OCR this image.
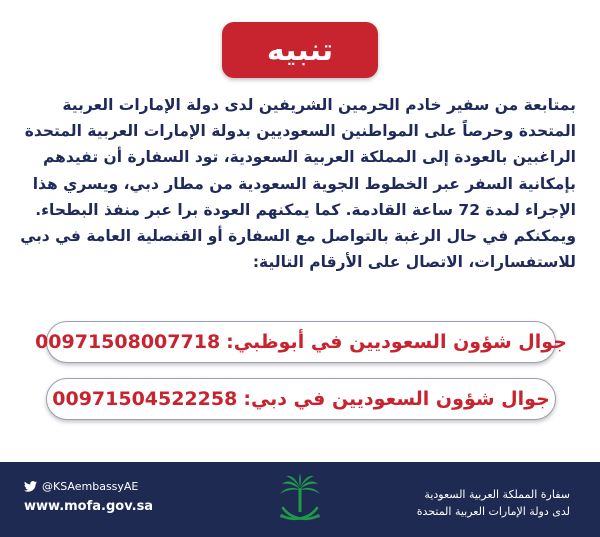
تنبيه
بمتابعة من سفير خادم الحرمين الشريفين لدى دولة الإمارات العربية
المتحدة وحرصاً على المواطنين السعوديين بدولة الإمارات العربية المتحدة
الراغبين بالعودة إلى المملكة العربية السعودية، تود السفارة أن تفيدهم
بإمكانية السفر عبر الخطوط الجوية السعودية من مطار دبي، ويسري هذا
الإجراء لمدة 72 ساعة القادمة. كما يمكنهم العودة برا عبر منفذ البطحاء.
ويمكنكم في حال الرغبة بالتواصل مع السفارة أو القنصلية العامة في دبي
للاستفسارات، الاتصال على الأرقام التالية:
جوال شؤون السعوديين في أبوظبي:
00971508007718
جوال شؤون السعوديين في دبي:
00971504522258
@KSAembassyAE
www.mofa.gov.sa
سفارة المملكة العربية السعودية
لدى دولة الإمارات العربية المتحدة
